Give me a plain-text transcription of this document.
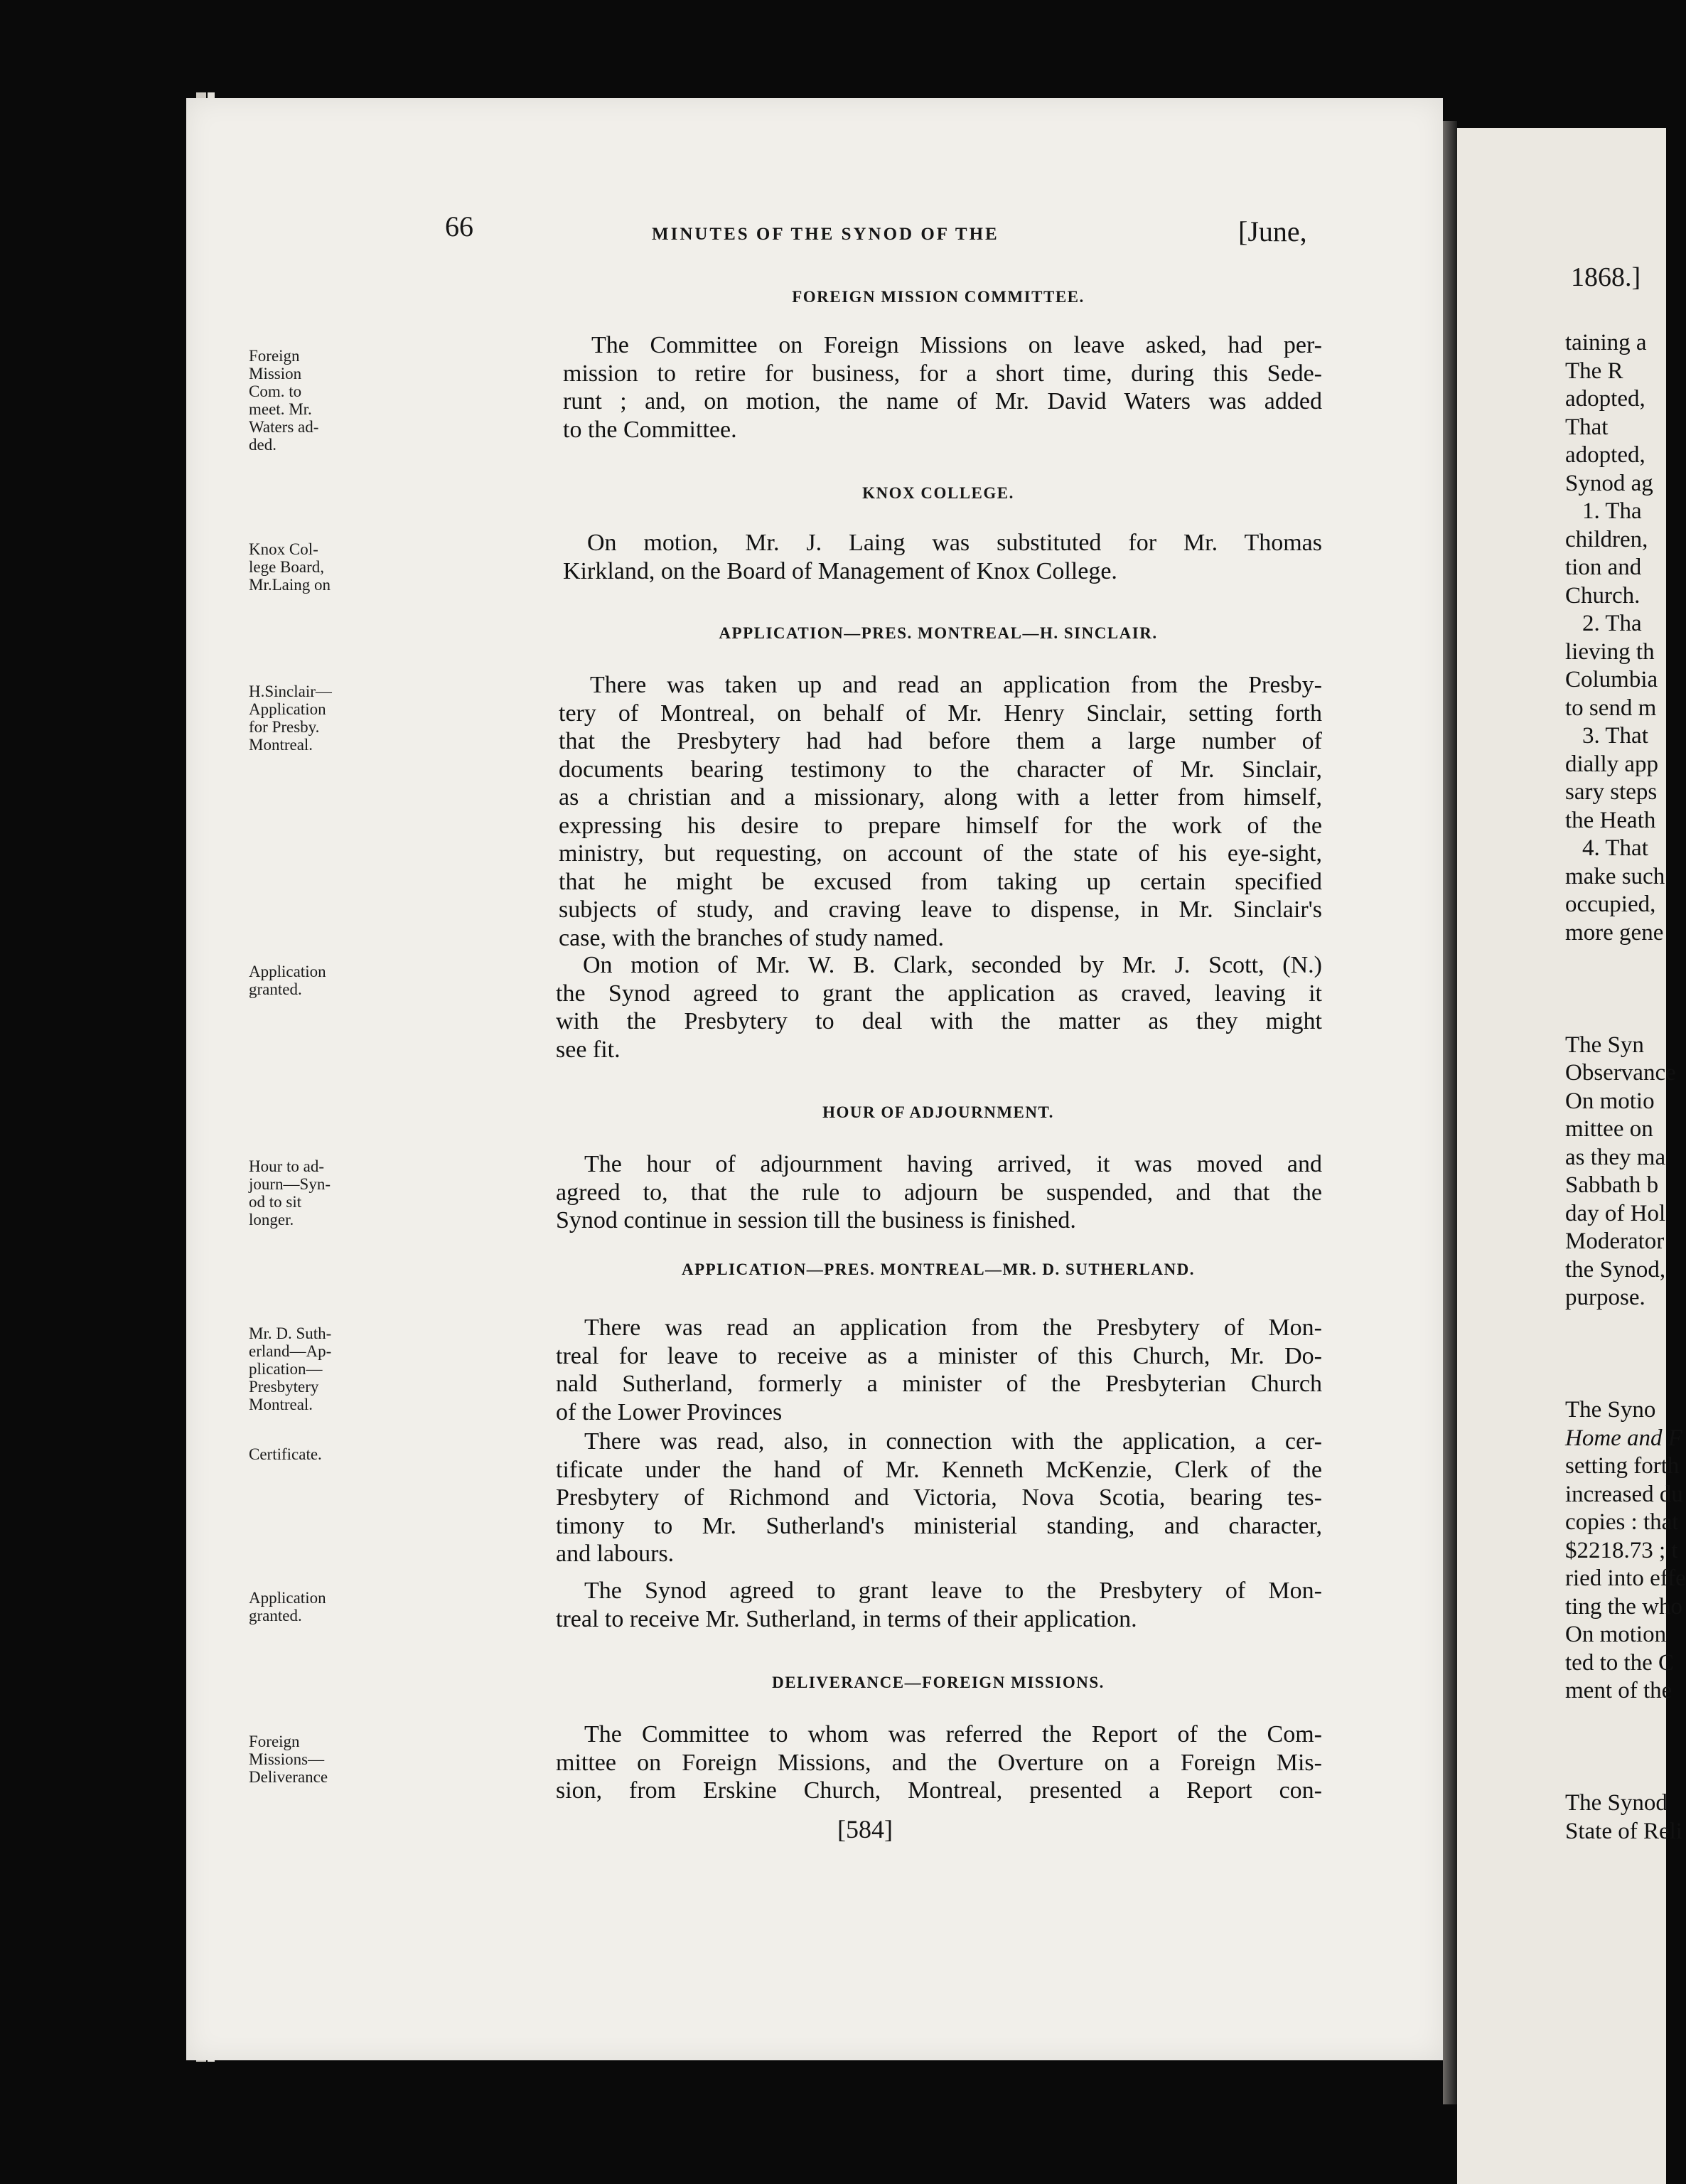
66	MINUTES OF THE SYNOD OF THE	[June,
FOREIGN MISSION COMMITTEE.
Foreign
Mission
Com. to
meet. Mr.
Waters ad-
ded.
The Committee on Foreign Missions on leave asked, had per-
mission to retire for business, for a short time, during this Sede-
runt ; and, on motion, the name of Mr. David Waters was added
to the Committee.
KNOX COLLEGE.
Knox Col-
lege Board,
Mr.Laing on
On motion, Mr. J. Laing was substituted for Mr. Thomas
Kirkland, on the Board of Management of Knox College.
APPLICATION—PRES. MONTREAL—H. SINCLAIR.
H.Sinclair—
Application
for Presby.
Montreal.
There was taken up and read an application from the Presby-
tery of Montreal, on behalf of Mr. Henry Sinclair, setting forth
that the Presbytery had had before them a large number of
documents bearing testimony to the character of Mr. Sinclair,
as a christian and a missionary, along with a letter from himself,
expressing his desire to prepare himself for the work of the
ministry, but requesting, on account of the state of his eye-sight,
that he might be excused from taking up certain specified
subjects of study, and craving leave to dispense, in Mr. Sinclair's
case, with the branches of study named.
Application
granted.
On motion of Mr. W. B. Clark, seconded by Mr. J. Scott, (N.)
the Synod agreed to grant the application as craved, leaving it
with the Presbytery to deal with the matter as they might
see fit.
HOUR OF ADJOURNMENT.
Hour to ad-
journ—Syn-
od to sit
longer.
The hour of adjournment having arrived, it was moved and
agreed to, that the rule to adjourn be suspended, and that the
Synod continue in session till the business is finished.
APPLICATION—PRES. MONTREAL—MR. D. SUTHERLAND.
Mr. D. Suth-
erland—Ap-
plication—
Presbytery
Montreal.
There was read an application from the Presbytery of Mon-
treal for leave to receive as a minister of this Church, Mr. Do-
nald Sutherland, formerly a minister of the Presbyterian Church
of the Lower Provinces
Certificate.	There was read, also, in connection with the application, a cer-
tificate under the hand of Mr. Kenneth McKenzie, Clerk of the
Presbytery of Richmond and Victoria, Nova Scotia, bearing tes-
timony to Mr. Sutherland's ministerial standing, and character,
and labours.
Application
granted.
The Synod agreed to grant leave to the Presbytery of Mon-
treal to receive Mr. Sutherland, in terms of their application.
DELIVERANCE—FOREIGN MISSIONS.
Foreign
Missions—
Deliverance
The Committee to whom was referred the Report of the Com-
mittee on Foreign Missions, and the Overture on a Foreign Mis-
sion, from Erskine Church, Montreal, presented a Report con-
[584]
1868.]
taining a
The R
adopted,
That
adopted,
Synod ag
1. Tha
children,
tion and
Church.
2. Tha
lieving th
Columbia
to send m
3. That
dially app
sary steps
the Heath
4. That
make such
occupied,
more gene
The Syn
Observance
On motio
mittee on
as they ma
Sabbath b
day of Hol
Moderator
the Synod,
purpose.
The Syno
Home and F
setting forth
increased du
copies : that
$2218.73 ; t
ried into effe
ting the who
On motion
ted to the C
ment of the
The Synod
State of Reli
